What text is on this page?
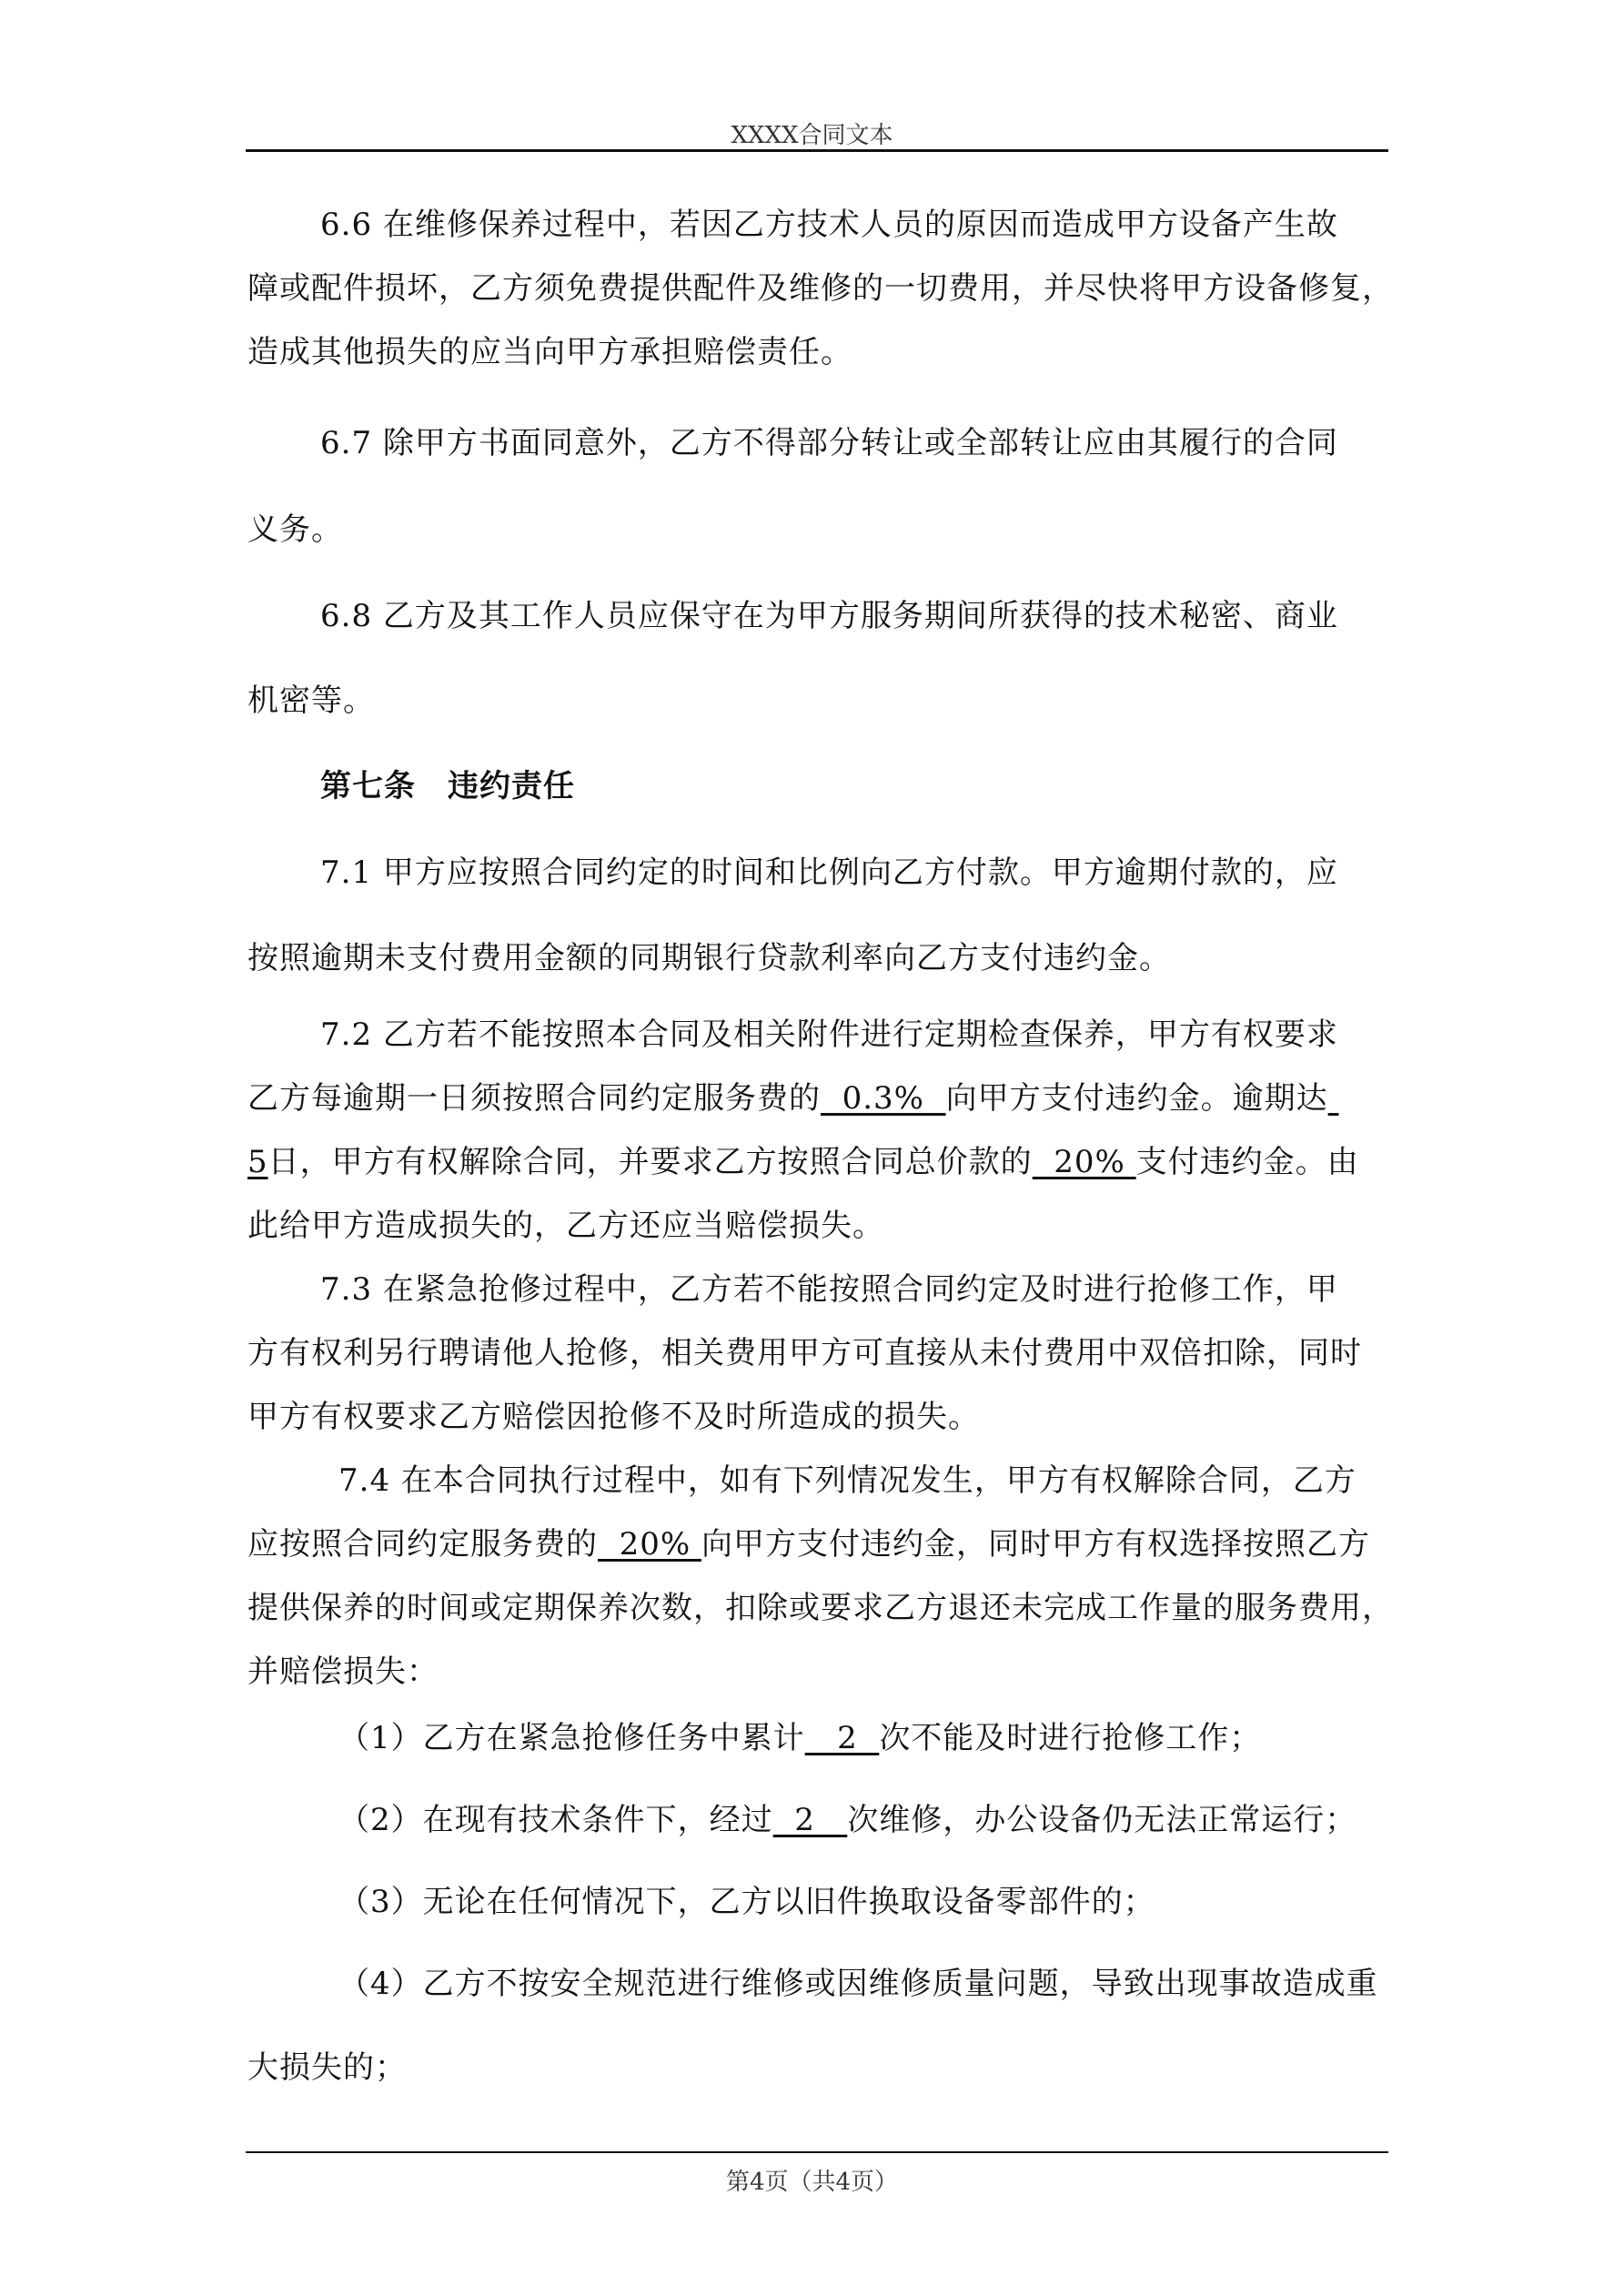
XXXX合同文本
6.6 在维修保养过程中，若因乙方技术人员的原因而造成甲方设备产生故
障或配件损坏，乙方须免费提供配件及维修的一切费用，并尽快将甲方设备修复，
造成其他损失的应当向甲方承担赔偿责任。
6.7 除甲方书面同意外，乙方不得部分转让或全部转让应由其履行的合同
义务。
6.8 乙方及其工作人员应保守在为甲方服务期间所获得的技术秘密、商业
机密等。
第七条　违约责任
7.1 甲方应按照合同约定的时间和比例向乙方付款。甲方逾期付款的，应
按照逾期未支付费用金额的同期银行贷款利率向乙方支付违约金。
7.2 乙方若不能按照本合同及相关附件进行定期检查保养，甲方有权要求
乙方每逾期一日须按照合同约定服务费的  0.3%  向甲方支付违约金。逾期达
5日，甲方有权解除合同，并要求乙方按照合同总价款的  20% 支付违约金。由
此给甲方造成损失的，乙方还应当赔偿损失。
7.3 在紧急抢修过程中，乙方若不能按照合同约定及时进行抢修工作，甲
方有权利另行聘请他人抢修，相关费用甲方可直接从未付费用中双倍扣除，同时
甲方有权要求乙方赔偿因抢修不及时所造成的损失。
7.4 在本合同执行过程中，如有下列情况发生，甲方有权解除合同，乙方
应按照合同约定服务费的  20% 向甲方支付违约金，同时甲方有权选择按照乙方
提供保养的时间或定期保养次数，扣除或要求乙方退还未完成工作量的服务费用，
并赔偿损失：
（1）乙方在紧急抢修任务中累计   2  次不能及时进行抢修工作；
（2）在现有技术条件下，经过  2   次维修，办公设备仍无法正常运行；
（3）无论在任何情况下，乙方以旧件换取设备零部件的；
（4）乙方不按安全规范进行维修或因维修质量问题，导致出现事故造成重
大损失的；
第4页（共4页）
